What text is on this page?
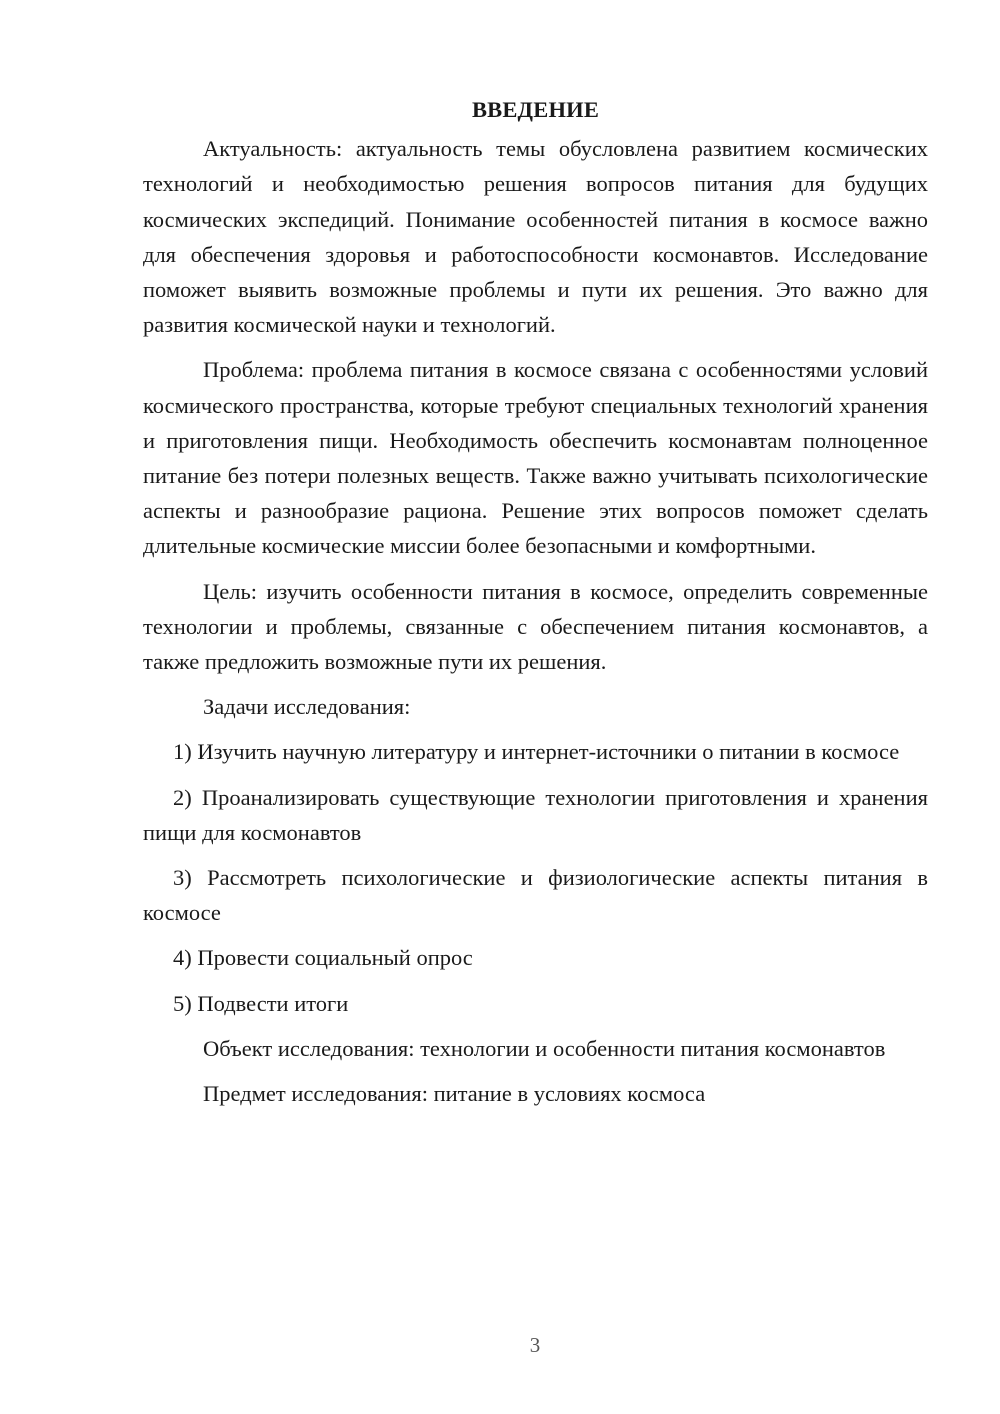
ВВЕДЕНИЕ

Актуальность: актуальность темы обусловлена развитием космических технологий и необходимостью решения вопросов питания для будущих космических экспедиций. Понимание особенностей питания в космосе важно для обеспечения здоровья и работоспособности космонавтов. Исследование поможет выявить возможные проблемы и пути их решения. Это важно для развития космической науки и технологий.

Проблема: проблема питания в космосе связана с особенностями условий космического пространства, которые требуют специальных технологий хранения и приготовления пищи. Необходимость обеспечить космонавтам полноценное питание без потери полезных веществ. Также важно учитывать психологические аспекты и разнообразие рациона. Решение этих вопросов поможет сделать длительные космические миссии более безопасными и комфортными.

Цель: изучить особенности питания в космосе, определить современные технологии и проблемы, связанные с обеспечением питания космонавтов, а также предложить возможные пути их решения.

Задачи исследования:

1) Изучить научную литературу и интернет-источники о питании в космосе

2) Проанализировать существующие технологии приготовления и хранения пищи для космонавтов

3) Рассмотреть психологические и физиологические аспекты питания в космосе

4) Провести социальный опрос

5) Подвести итоги

Объект исследования: технологии и особенности питания космонавтов

Предмет исследования: питание в условиях космоса

3
